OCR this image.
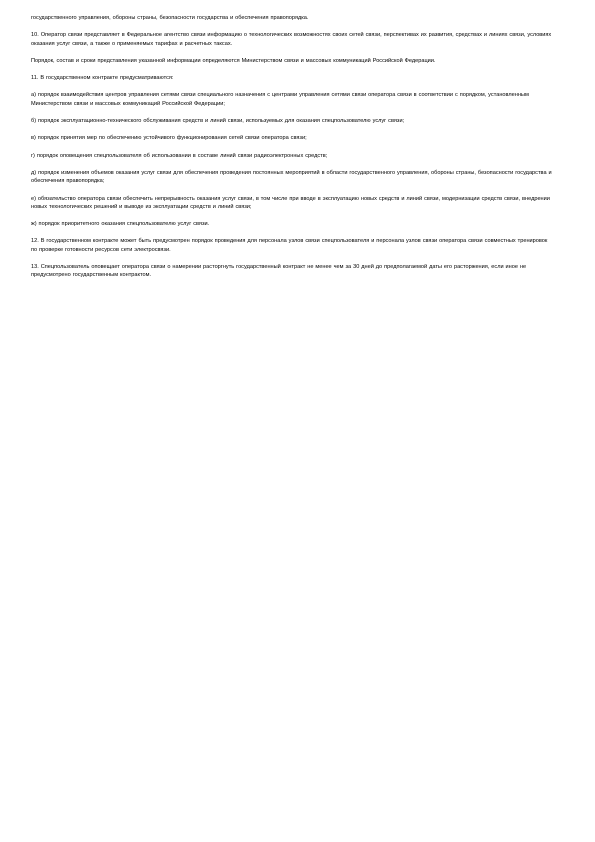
государственного управления, обороны страны, безопасности государства и обеспечения правопорядка.

10. Оператор связи представляет в Федеральное агентство связи информацию о технологических возможностях своих сетей связи, перспективах их развития, средствах и линиях связи, условиях оказания услуг связи, а также о применяемых тарифах и расчетных таксах.

Порядок, состав и сроки представления указанной информации определяются Министерством связи и массовых коммуникаций Российской Федерации.

11. В государственном контракте предусматриваются:

а) порядок взаимодействия центров управления сетями связи специального назначения с центрами управления сетями связи оператора связи в соответствии с порядком, установленным Министерством связи и массовых коммуникаций Российской Федерации;

б) порядок эксплуатационно-технического обслуживания средств и линий связи, используемых для оказания спецпользователю услуг связи;

в) порядок принятия мер по обеспечению устойчивого функционирования сетей связи оператора связи;

г) порядок оповещения спецпользователя об использовании в составе линий связи радиоэлектронных средств;

д) порядок изменения объемов оказания услуг связи для обеспечения проведения постоянных мероприятий в области государственного управления, обороны страны, безопасности государства и обеспечения правопорядка;

е) обязательство оператора связи обеспечить непрерывность оказания услуг связи, в том числе при вводе в эксплуатацию новых средств и линий связи, модернизации средств связи, внедрении новых технологических решений и выводе из эксплуатации средств и линий связи;

ж) порядок приоритетного оказания спецпользователю услуг связи.

12. В государственном контракте может быть предусмотрен порядок проведения для персонала узлов связи спецпользователя и персонала узлов связи оператора связи совместных тренировок по проверке готовности ресурсов сети электросвязи.

13. Спецпользователь оповещает оператора связи о намерении расторгнуть государственный контракт не менее чем за 30 дней до предполагаемой даты его расторжения, если иное не предусмотрено государственным контрактом.
